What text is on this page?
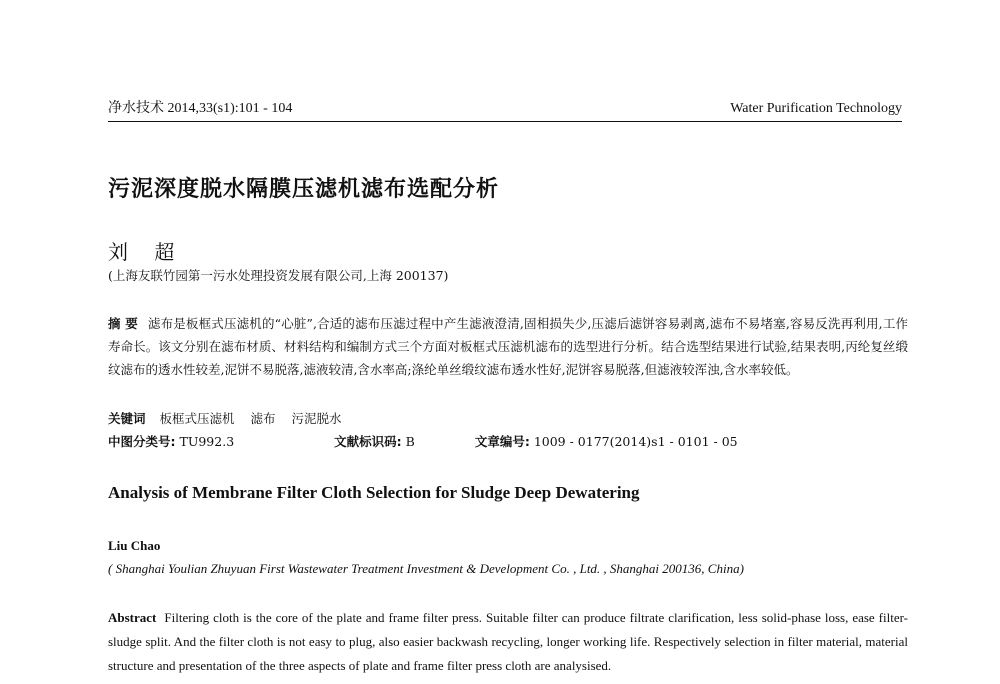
净水技术 2014,33(s1):101 - 104	Water Purification Technology
污泥深度脱水隔膜压滤机滤布选配分析
刘 超
(上海友联竹园第一污水处理投资发展有限公司,上海 200137)
摘 要 滤布是板框式压滤机的“心脏”,合适的滤布压滤过程中产生滤液澄清,固相损失少,压滤后滤饼容易剥离,滤布不易堵塞,容易反洗再利用,工作寿命长。该文分别在滤布材质、材料结构和编制方式三个方面对板框式压滤机滤布的选型进行分析。结合选型结果进行试验,结果表明,丙纶复丝缎纹滤布的透水性较差,泥饼不易脱落,滤液较清,含水率高;涤纶单丝缎纹滤布透水性好,泥饼容易脱落,但滤液较浑浊,含水率较低。
关键词 板框式压滤机 滤布 污泥脱水
中图分类号: TU992.3	文献标识码: B	文章编号: 1009 - 0177(2014)s1 - 0101 - 05
Analysis of Membrane Filter Cloth Selection for Sludge Deep Dewatering
Liu Chao
( Shanghai Youlian Zhuyuan First Wastewater Treatment Investment & Development Co. , Ltd. , Shanghai 200136, China)
Abstract Filtering cloth is the core of the plate and frame filter press. Suitable filter can produce filtrate clarification, less solid-phase loss, ease filter-sludge split. And the filter cloth is not easy to plug, also easier backwash recycling, longer working life. Respectively selection in filter material, material structure and presentation of the three aspects of plate and frame filter press cloth are analysised.
